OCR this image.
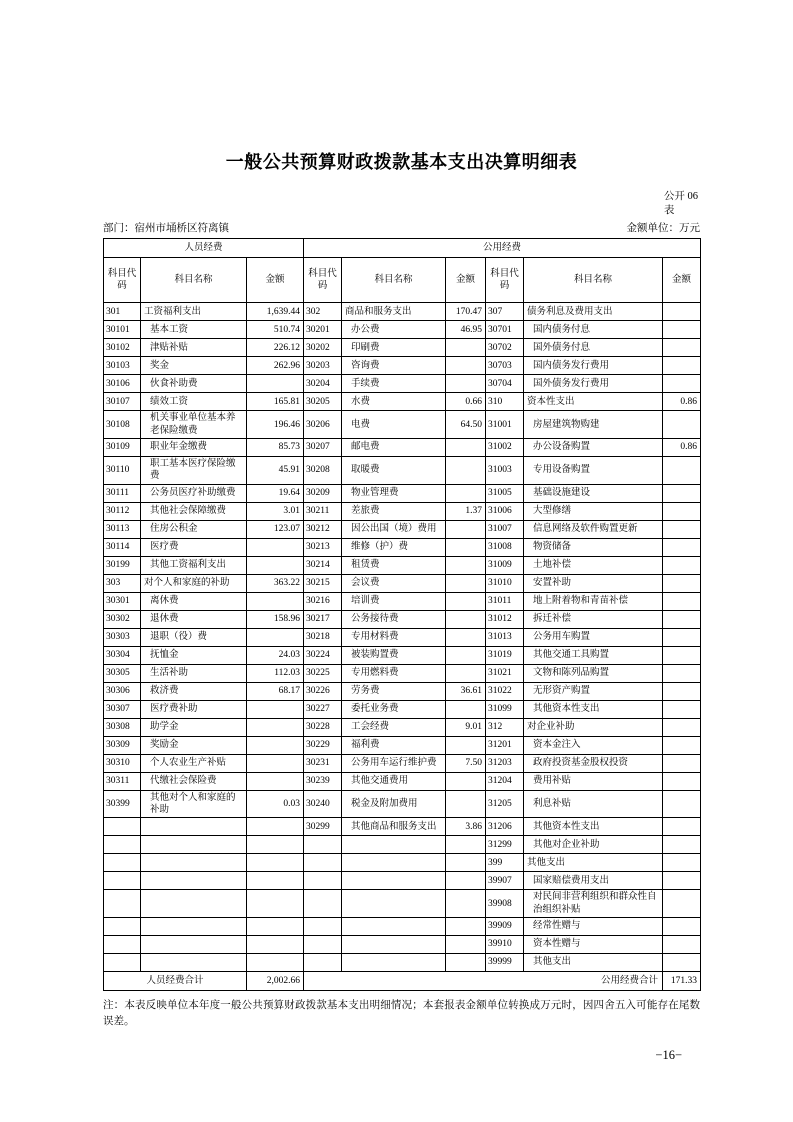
一般公共预算财政拨款基本支出决算明细表
公开 06
表
部门：宿州市埇桥区符离镇	金额单位：万元
人员经费			公用经费					
科目代码	科目名称	金额	科目代码	科目名称	金额	科目代码	科目名称	金额
301	工资福利支出	1,639.44	302	商品和服务支出	170.47	307	债务利息及费用支出	
30101	基本工资	510.74	30201	办公费	46.95	30701	国内债务付息	
30102	津贴补贴	226.12	30202	印刷费		30702	国外债务付息	
30103	奖金	262.96	30203	咨询费		30703	国内债务发行费用	
30106	伙食补助费		30204	手续费		30704	国外债务发行费用	
30107	绩效工资	165.81	30205	水费	0.66	310	资本性支出	0.86
30108	机关事业单位基本养老保险缴费	196.46	30206	电费	64.50	31001	房屋建筑物购建	
30109	职业年金缴费	85.73	30207	邮电费		31002	办公设备购置	0.86
30110	职工基本医疗保险缴费	45.91	30208	取暖费		31003	专用设备购置	
30111	公务员医疗补助缴费	19.64	30209	物业管理费		31005	基础设施建设	
30112	其他社会保障缴费	3.01	30211	差旅费	1.37	31006	大型修缮	
30113	住房公积金	123.07	30212	因公出国（境）费用		31007	信息网络及软件购置更新	
30114	医疗费		30213	维修（护）费		31008	物资储备	
30199	其他工资福利支出		30214	租赁费		31009	土地补偿	
303	对个人和家庭的补助	363.22	30215	会议费		31010	安置补助	
30301	离休费		30216	培训费		31011	地上附着物和青苗补偿	
30302	退休费	158.96	30217	公务接待费		31012	拆迁补偿	
30303	退职（役）费		30218	专用材料费		31013	公务用车购置	
30304	抚恤金	24.03	30224	被装购置费		31019	其他交通工具购置	
30305	生活补助	112.03	30225	专用燃料费		31021	文物和陈列品购置	
30306	救济费	68.17	30226	劳务费	36.61	31022	无形资产购置	
30307	医疗费补助		30227	委托业务费		31099	其他资本性支出	
30308	助学金		30228	工会经费	9.01	312	对企业补助	
30309	奖励金		30229	福利费		31201	资本金注入	
30310	个人农业生产补贴		30231	公务用车运行维护费	7.50	31203	政府投资基金股权投资	
30311	代缴社会保险费		30239	其他交通费用		31204	费用补贴	
30399	其他对个人和家庭的补助	0.03	30240	税金及附加费用		31205	利息补贴	
			30299	其他商品和服务支出	3.86	31206	其他资本性支出	
						31299	其他对企业补助	
						399	其他支出	
						39907	国家赔偿费用支出	
						39908	对民间非营利组织和群众性自治组织补贴	
						39909	经常性赠与	
						39910	资本性赠与	
						39999	其他支出	
人员经费合计		2,002.66	公用经费合计					171.33

注：本表反映单位本年度一般公共预算财政拨款基本支出明细情况；本套报表金额单位转换成万元时，因四舍五入可能存在尾数误差。

−16−
